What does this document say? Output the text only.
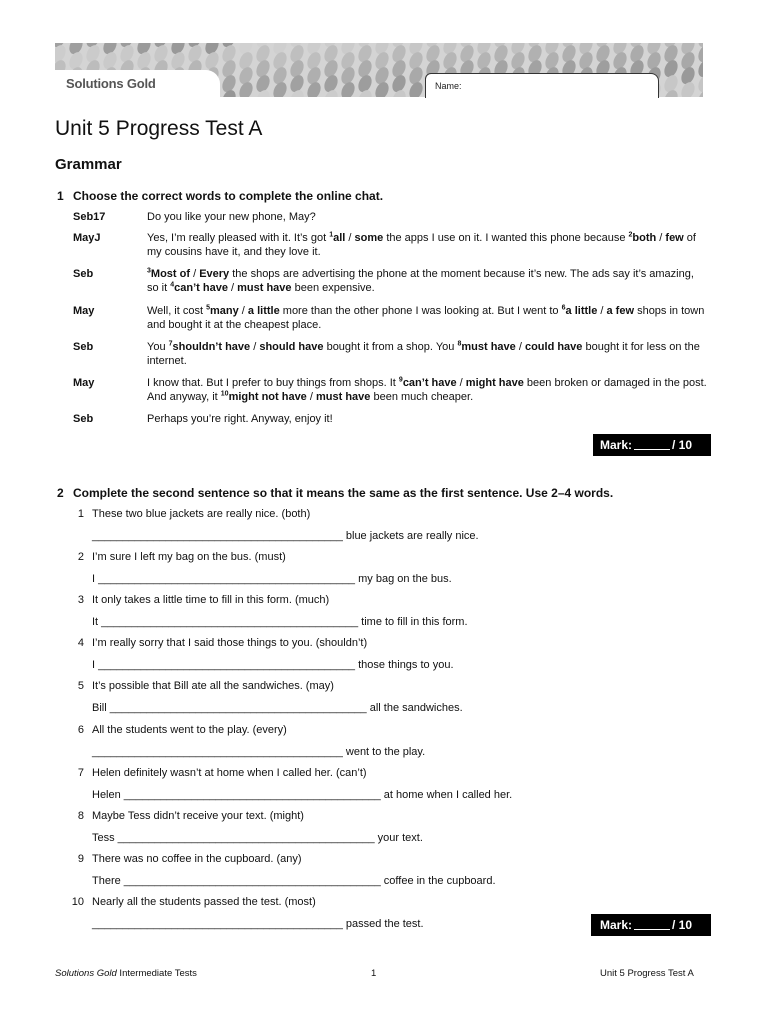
Solutions Gold	Name:
Unit 5 Progress Test A
Grammar
1 Choose the correct words to complete the online chat.
Seb17	Do you like your new phone, May?
MayJ	Yes, I’m really pleased with it. It’s got $^1$all / some the apps I use on it. I wanted this phone because $^2$both / few of my cousins have it, and they love it.
Seb	$^3$Most of / Every the shops are advertising the phone at the moment because it’s new. The ads say it’s amazing, so it $^4$can’t have / must have been expensive.
May	Well, it cost $^5$many / a little more than the other phone I was looking at. But I went to $^6$a little / a few shops in town and bought it at the cheapest place.
Seb	You $^7$shouldn’t have / should have bought it from a shop. You $^8$must have / could have bought it for less on the internet.
May	I know that. But I prefer to buy things from shops. It $^9$can’t have / might have been broken or damaged in the post. And anyway, it $^{10}$might not have / must have been much cheaper.
Seb	Perhaps you’re right. Anyway, enjoy it!
Mark:	/ 10
2 Complete the second sentence so that it means the same as the first sentence. Use 2–4 words.
1 These two blue jackets are really nice. (both)
_________________________________________ blue jackets are really nice.
2 I’m sure I left my bag on the bus. (must)
I __________________________________________ my bag on the bus.
3 It only takes a little time to fill in this form. (much)
It __________________________________________ time to fill in this form.
4 I’m really sorry that I said those things to you. (shouldn’t)
I __________________________________________ those things to you.
5 It’s possible that Bill ate all the sandwiches. (may)
Bill __________________________________________ all the sandwiches.
6 All the students went to the play. (every)
_________________________________________ went to the play.
7 Helen definitely wasn’t at home when I called her. (can’t)
Helen __________________________________________ at home when I called her.
8 Maybe Tess didn’t receive your text. (might)
Tess __________________________________________ your text.
9 There was no coffee in the cupboard. (any)
There __________________________________________ coffee in the cupboard.
10 Nearly all the students passed the test. (most)
_________________________________________ passed the test.	Mark:	/ 10
Solutions Gold Intermediate Tests	1	Unit 5 Progress Test A
